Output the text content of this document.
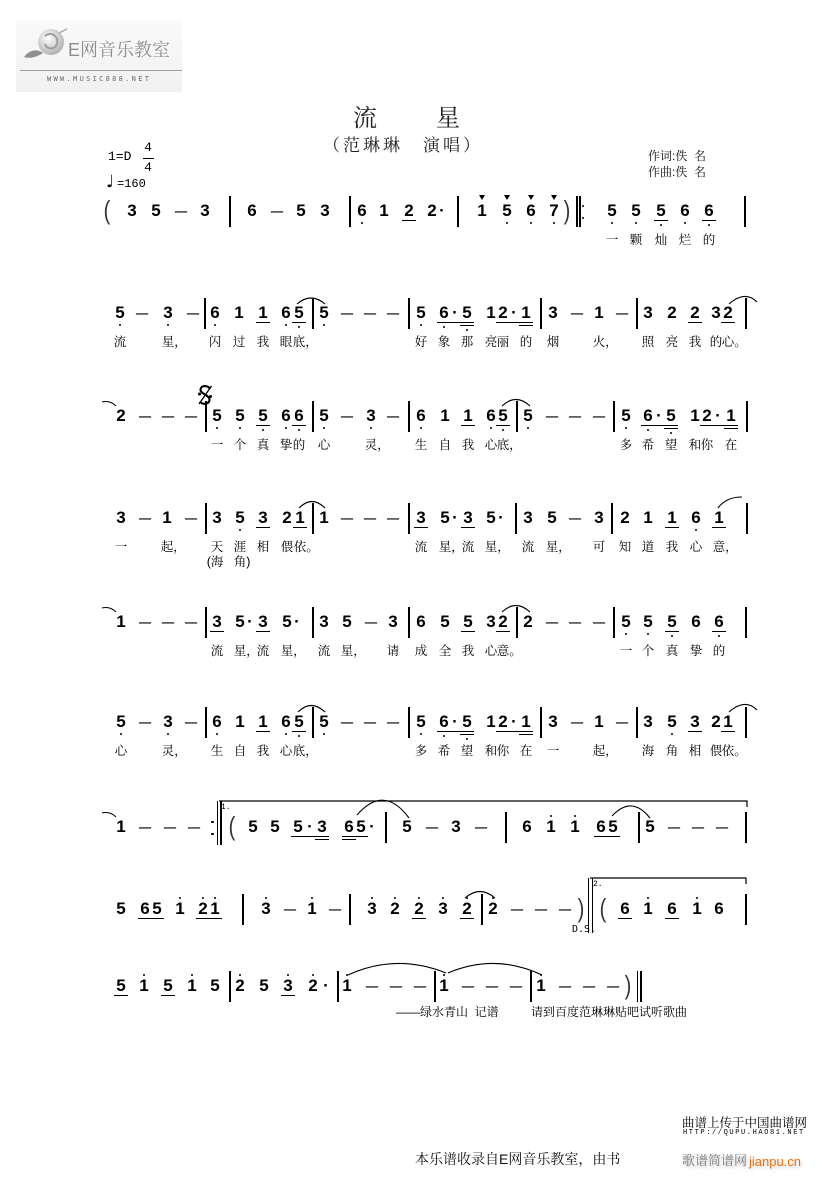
E网音乐教室
WWW.MUSIC888.NET
流星
（范琳琳　演唱）
作词:佚  名
作曲:佚  名
1=D
4
4
♩ =160
( 3 5 – 3 6 – 5 3 6 1 2 2 · 1 5 6 7 ) 5
一
5
颗
5
灿
6
烂
6
的
5
流
– 3
星，
– 6
闪
1
过
1
我
6
眼
5
底，
5 – – – 5
好
6
象
· 5
那
1
亮
2
丽
· 1
的
3
烟
– 1
火，
– 3
照
2
亮
2
我
3
的
2
心。
2 – – – 5
一
5
个
5
真
6
挚
6
的
5
心
– 3
灵，
– 6
生
1
自
1
我
6
心
5
底，
5 – – – 5
多
6
希
· 5
望
1
和
2
你
· 1
在
3
一
– 1
起，
– 3
天
(海
5
涯
角)
3
相
2
偎
1
依。
1 – – – 3
流
5
星，
· 3
流
5
星，
· 3
流
5
星，
– 3
可
2
知
1
道
1
我
6
心
1
意，
1 – – – 3
流
5
星，
· 3
流
5
星，
· 3
流
5
星，
– 3
请
6
成
5
全
5
我
3
心
2
意。
2 – – – 5
一
5
个
5
真
6
挚
6
的
5
心
– 3
灵，
– 6
生
1
自
1
我
6
心
5
底，
5 – – – 5
多
6
希
· 5
望
1
和
2
你
· 1
在
3
一
– 1
起，
– 3
海
5
角
3
相
2
偎
1
依。
1 – – – ( 5 5 5 · 3 6 5 · 5 – 3 – 6 1 1 6 5 5 – – –
5 6 5 1 2 1 3 – 1 – 3 2 2 3 2 2 – – – ) ( 6 1 6 1 6
5 1 5 1 5 2 5 3 2 · 1 – – – 1 – – – 1 – – – )
1.
2.
D.S.
——绿水青山  记谱	请到百度范琳琳贴吧试听歌曲
曲谱上传于中国曲谱网
HTTP://QUPU.HAO81.NET
本乐谱收录自E网音乐教室，由书	歌谱简谱网 jianpu.cn
